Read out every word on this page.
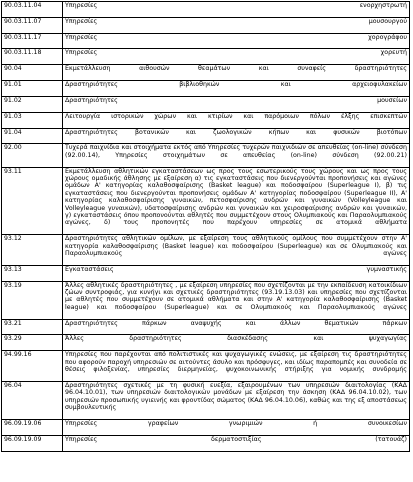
90.03.11.04	Υπηρεσίες ενορχηστρωτή
90.03.11.07	Υπηρεσίες μουσουργού
90.03.11.17	Υπηρεσίες χορογράφου
90.03.11.18	Υπηρεσίες χορευτή
90.04	Εκμετάλλευση αιθουσών θεαμάτων και συναφείς δραστηριότητες
91.01	Δραστηριότητες βιβλιοθηκών και αρχειοφυλακείων
91.02	Δραστηριότητες μουσείων
91.03	Λειτουργία ιστορικών χώρων και κτιρίων και παρόμοιων πόλων έλξης επισκεπτών
91.04	Δραστηριότητες βοτανικών και ζωολογικών κήπων και φυσικών βιοτόπων
92.00	Τυχερά παιχνίδια και στοιχήματα εκτός από Υπηρεσίες τυχερών παιχνιδιών σε απευθείας (on-line) σύνδεση (92.00.14), Υπηρεσίες στοιχημάτων σε απευθείας (on-line) σύνδεση (92.00.21)
93.11	Εκμετάλλευση αθλητικών εγκαταστάσεων ως προς τους εσωτερικούς τους χώρους και ως προς τους χώρους ομαδικής άθλησης με εξαίρεση α) τις εγκαταστάσεις που διενεργούνται προπονήσεις και αγώνες ομάδων Α' κατηγορίας καλαθοσφαίρισης (Basket league) και ποδοσφαίρου (Superleague I), β) τις εγκαταστάσεις που διενεργούνται προπονήσεις ομάδων Α' κατηγορίας ποδοσφαίρου (Superleague II), Α' κατηγορίας καλαθοσφαίρισης γυναικών, πετοσφαίρισης ανδρών και γυναικών (Volleyleague και Volleyleague γυναικών), υδατοσφαίρισης ανδρών και γυναικών και χειροσφαίρισης ανδρών και γυναικών, γ) εγκαταστάσεις όπου προπονούνται αθλητές που συμμετέχουν στους Ολυμπιακούς και Παραολυμπιακούς αγώνες, δ) τους προπονητές που παρέχουν υπηρεσίες σε ατομικά αθλήματα
93.12	Δραστηριότητες αθλητικών ομίλων, με εξαίρεση τους αθλητικούς ομίλους που συμμετέχουν στην Α' κατηγορία καλαθοσφαίρισης (Basket league) και ποδοσφαίρου (Superleague) και σε Ολυμπιακούς και Παραολυμπιακούς αγώνες
93.13	Εγκαταστάσεις γυμναστικής
93.19	Άλλες αθλητικές δραστηριότητες , με εξαίρεση υπηρεσίες που σχετίζονται με την εκπαίδευση κατοικίδιων ζώων συντροφιάς, για κυνήγι και σχετικές δραστηριότητες (93.19.13.03) και υπηρεσίες που σχετίζονται με αθλητές που συμμετέχουν σε ατομικά αθλήματα και στην Α' κατηγορία καλαθοσφαίρισης (Basket league) και ποδοσφαίρου (Superleague) και σε Ολυμπιακούς και Παραολυμπιακούς αγώνες
93.21	Δραστηριότητες πάρκων αναψυχής και άλλων θεματικών πάρκων
93.29	Άλλες δραστηριότητες διασκέδασης και ψυχαγωγίας
94.99.16	Υπηρεσίες που παρέχονται από πολιτιστικές και ψυχαγωγικές ενώσεις, με εξαίρεση τις δραστηριότητες που αφορούν παροχή υπηρεσιών σε αιτούντες άσυλο και πρόσφυγες, και ιδίως παραπομπές και συνοδεία σε θέσεις φιλοξενίας, υπηρεσίες διερμηνείας, ψυχοκοινωνικής στήριξης για νομικής συνδρομής
96.04	Δραστηριότητες σχετικές με τη φυσική ευεξία, εξαιρουμένων των υπηρεσιών διαιτολογίας (ΚΑΔ 96.04.10.01), των υπηρεσιών διαιτολογικών μονάδων με εξαίρεση την άσκηση (ΚΑΔ 96.04.10.02), των υπηρεσιών προσωπικής υγιεινής και φροντίδας σώματος (ΚΑΔ 96.04.10.06), καθώς και της εξ αποστάσεως συμβουλευτικής
96.09.19.06	Υπηρεσίες γραφείων γνωριμιών ή συνοικεσίων
96.09.19.09	Υπηρεσίες δερματοστιξίας (τατουάζ)
